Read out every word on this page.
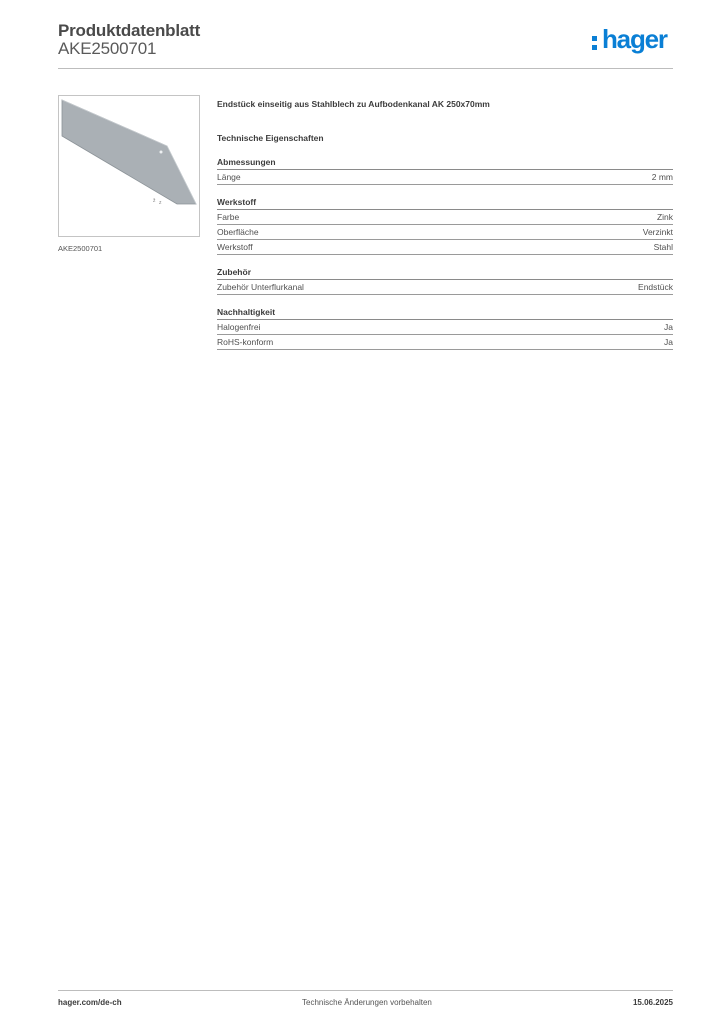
Produktdatenblatt
AKE2500701	hager
ẑ z
AKE2500701
Endstück einseitig aus Stahlblech zu Aufbodenkanal AK 250x70mm
Technische Eigenschaften
Abmessungen
Länge	2 mm
Werkstoff
Farbe	Zink
Oberfläche	Verzinkt
Werkstoff	Stahl
Zubehör
Zubehör Unterflurkanal	Endstück
Nachhaltigkeit
Halogenfrei	Ja
RoHS-konform	Ja
hager.com/de-ch	Technische Änderungen vorbehalten	15.06.2025
